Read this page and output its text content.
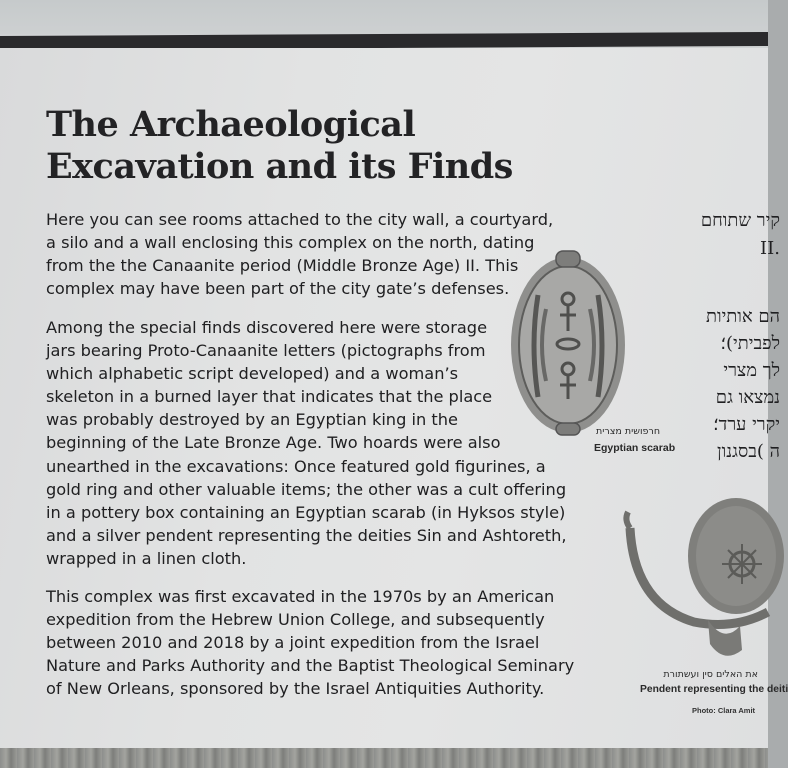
The Archaeological
Excavation and its Finds

Here you can see rooms attached to the city wall, a courtyard,
a silo and a wall enclosing this complex on the north, dating
from the the Canaanite period (Middle Bronze Age) II. This
complex may have been part of the city gate’s defenses.

Among the special finds discovered here were storage
jars bearing Proto-Canaanite letters (pictographs from
which alphabetic script developed) and a woman’s
skeleton in a burned layer that indicates that the place
was probably destroyed by an Egyptian king in the
beginning of the Late Bronze Age. Two hoards were also
unearthed in the excavations: Once featured gold figurines, a
gold ring and other valuable items; the other was a cult offering
in a pottery box containing an Egyptian scarab (in Hyksos style)
and a silver pendent representing the deities Sin and Ashtoreth,
wrapped in a linen cloth.

This complex was first excavated in the 1970s by an American
expedition from the Hebrew Union College, and subsequently
between 2010 and 2018 by a joint expedition from the Israel
Nature and Parks Authority and the Baptist Theological Seminary
of New Orleans, sponsored by the Israel Antiquities Authority.

חרפושית מצרית
Egyptian scarab
קיר שתוחם
.II
הם אותיות
לפביתי)؛
לך מצרי
נמצאו גם
יקרי ערד؛
ה )בסגנון
את האלים סין ועשתורת
Pendent representing the deiti
Photo: Clara Amit
